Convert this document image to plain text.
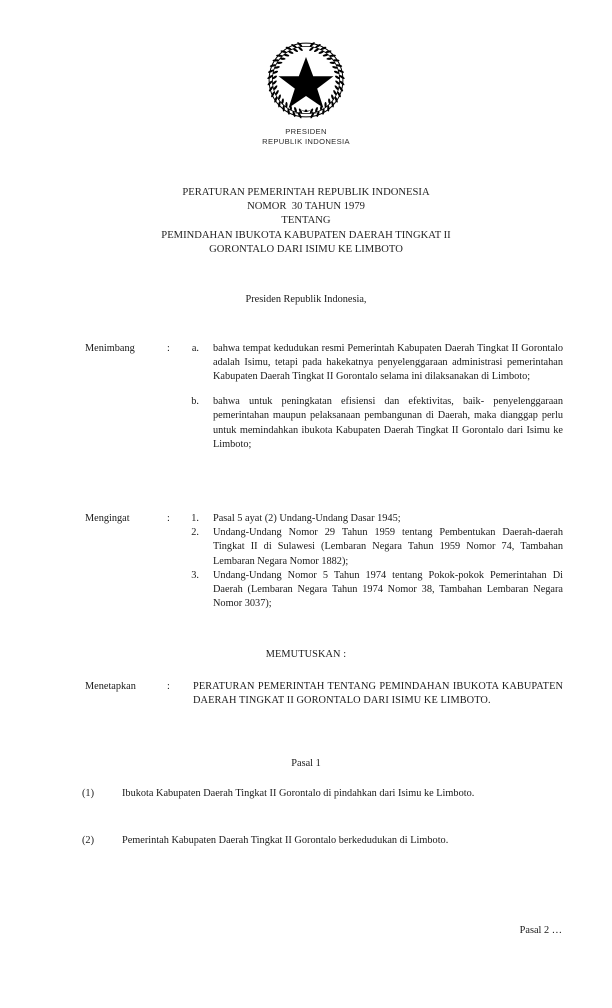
PRESIDEN
REPUBLIK INDONESIA
PERATURAN PEMERINTAH REPUBLIK INDONESIA
NOMOR  30 TAHUN 1979
TENTANG
PEMINDAHAN IBUKOTA KABUPATEN DAERAH TINGKAT II
GORONTALO DARI ISIMU KE LIMBOTO
Presiden Republik Indonesia,
Menimbang	:	a. bahwa tempat kedudukan resmi Pemerintah Kabupaten Daerah Tingkat II Gorontalo adalah Isimu, tetapi pada hakekatnya penyelenggaraan administrasi pemerintahan Kabupaten Daerah Tingkat II Gorontalo selama ini dilaksanakan di Limboto;

b. bahwa untuk peningkatan efisiensi dan efektivitas, baik- penyelenggaraan pemerintahan maupun pelaksanaan pembangunan di Daerah, maka dianggap perlu untuk memindahkan ibukota Kabupaten Daerah Tingkat II Gorontalo dari Isimu ke Limboto;

Mengingat	:	1. Pasal 5 ayat (2) Undang-Undang Dasar 1945;

2. Undang-Undang Nomor 29 Tahun 1959 tentang Pembentukan Daerah-daerah Tingkat II di Sulawesi (Lembaran Negara Tahun 1959 Nomor 74, Tambahan Lembaran Negara Nomor 1882);

3. Undang-Undang Nomor 5 Tahun 1974 tentang Pokok-pokok Pemerintahan Di Daerah (Lembaran Negara Tahun 1974 Nomor 38, Tambahan Lembaran Negara Nomor 3037);

MEMUTUSKAN :
Menetapkan	: PERATURAN PEMERINTAH TENTANG PEMINDAHAN IBUKOTA KABUPATEN DAERAH TINGKAT II GORONTALO DARI ISIMU KE LIMBOTO.

Pasal 1
(1)	Ibukota Kabupaten Daerah Tingkat II Gorontalo di pindahkan dari Isimu ke Limboto.
(2)	Pemerintah Kabupaten Daerah Tingkat II Gorontalo berkedudukan di Limboto.
Pasal 2 …
